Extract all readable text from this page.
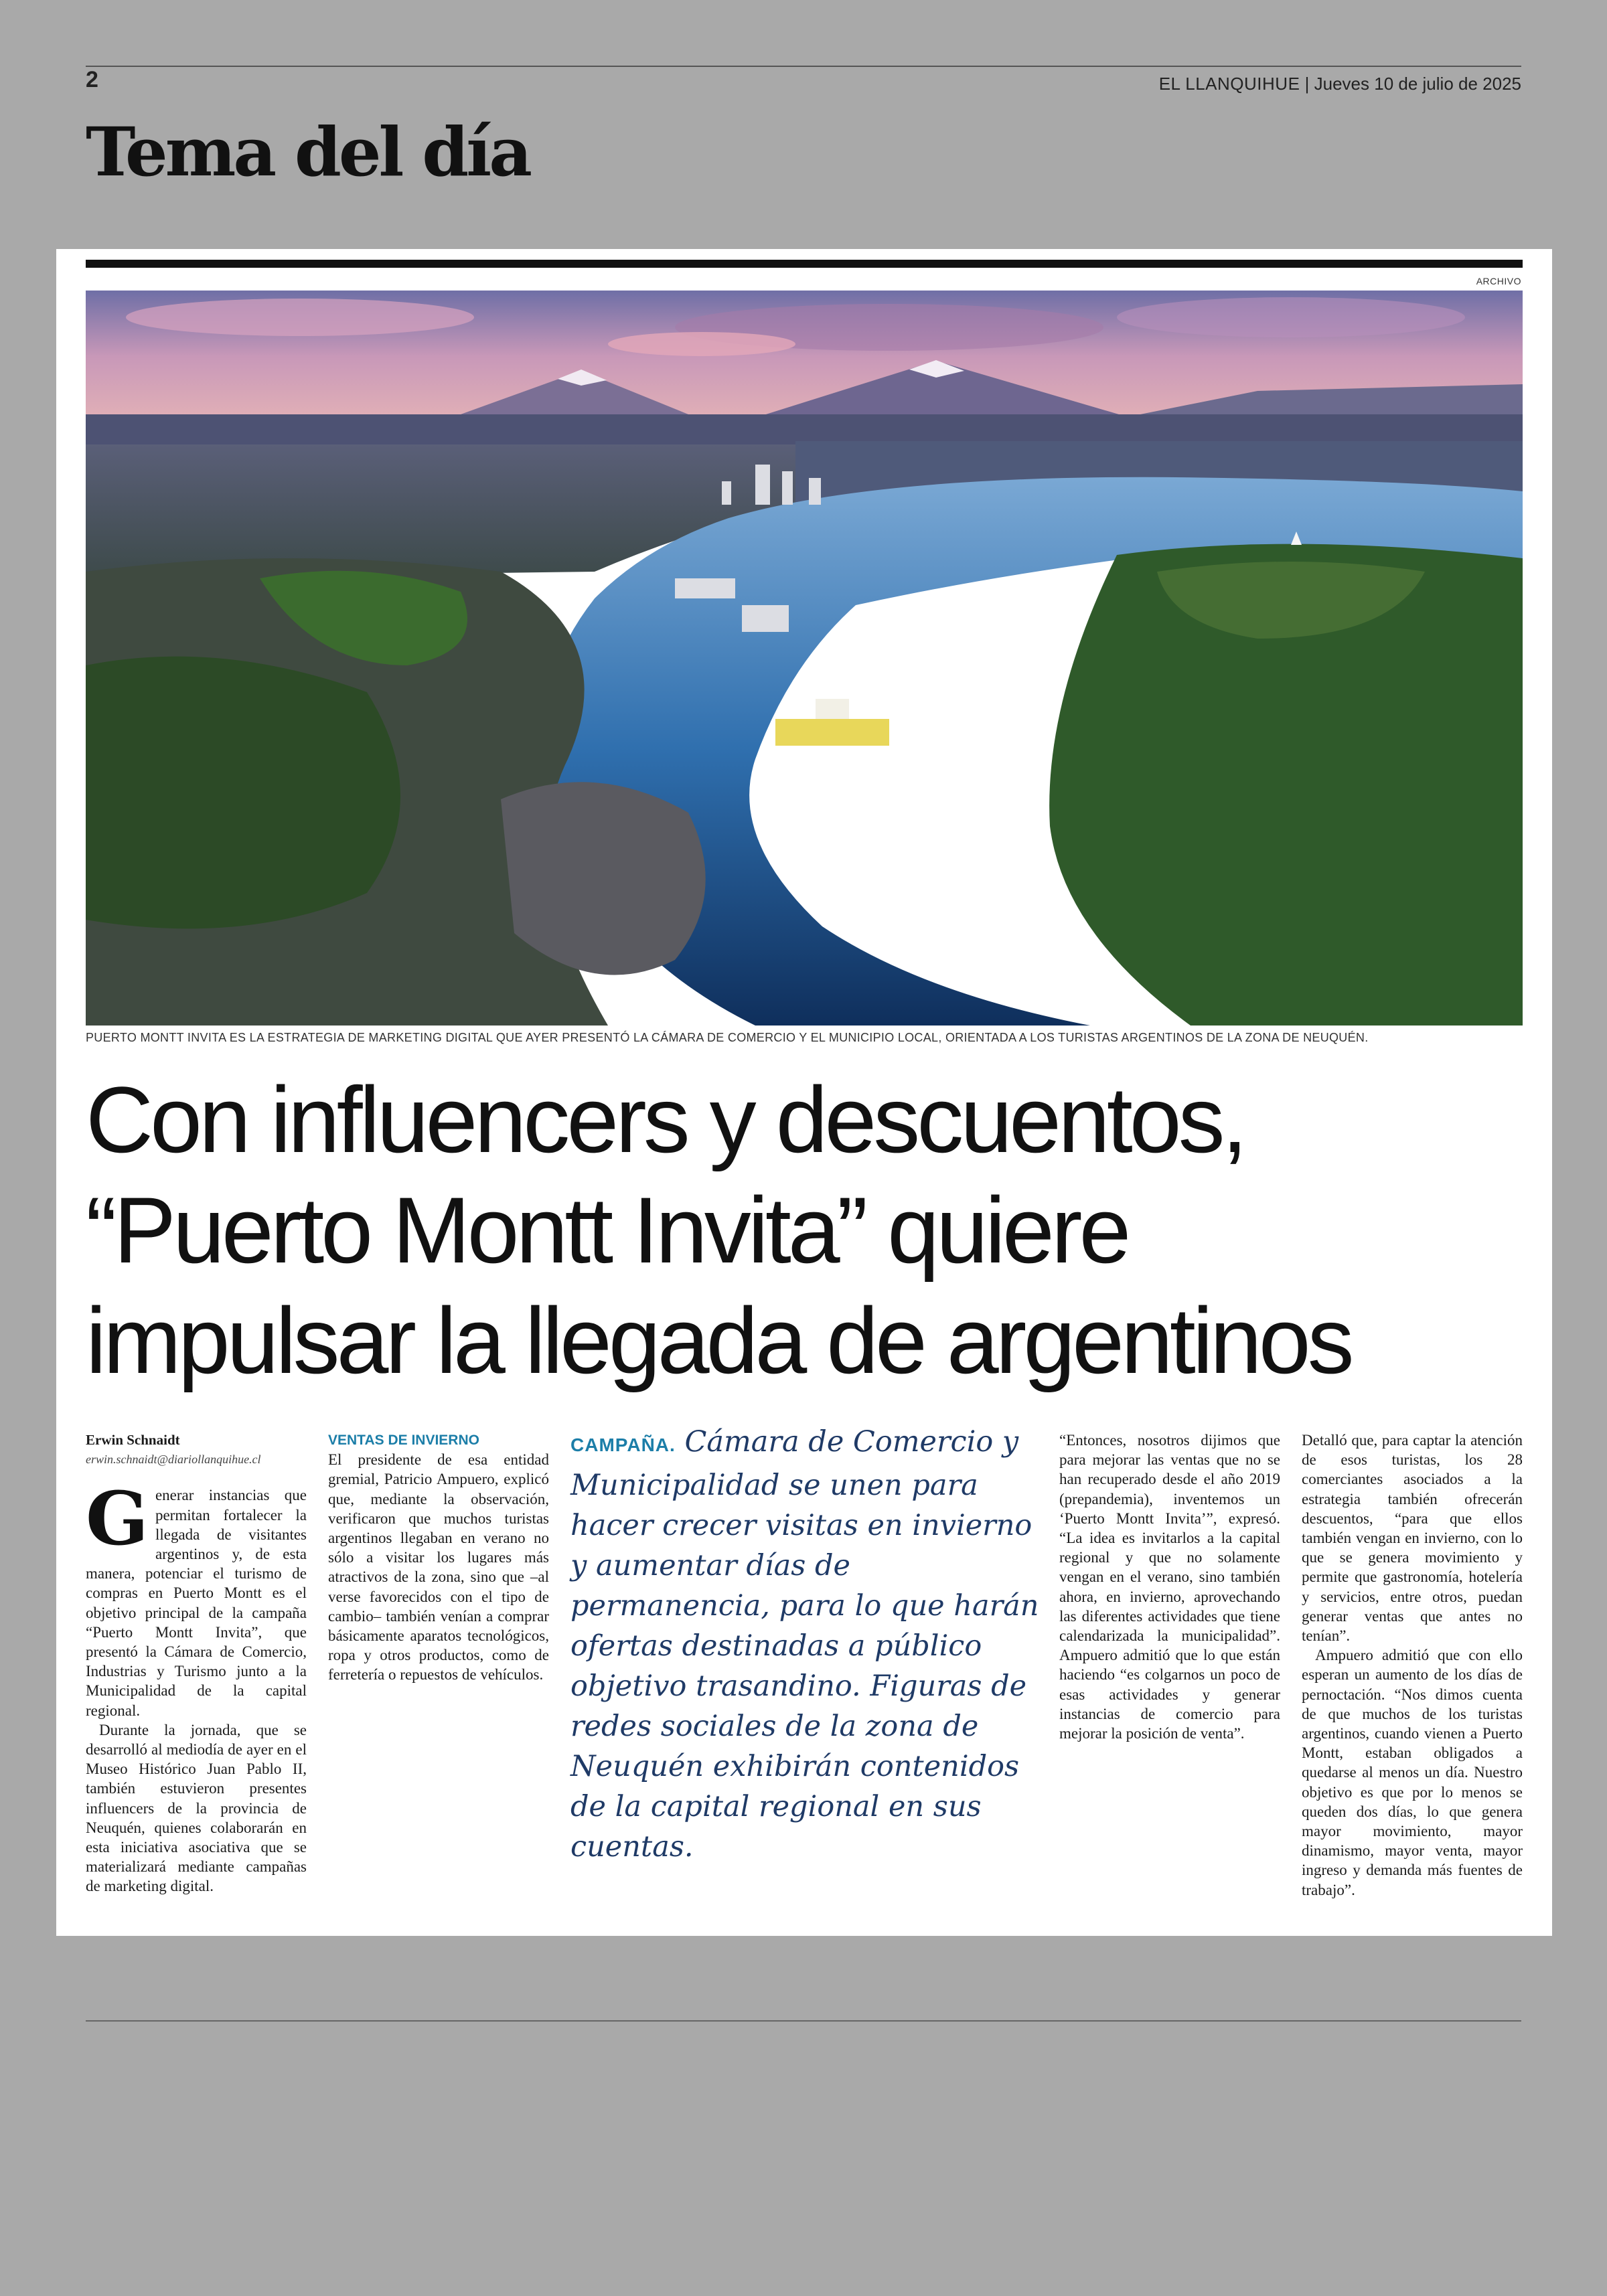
2	EL LLANQUIHUE | Jueves 10 de julio de 2025
Tema del día
ARCHIVO
PUERTO MONTT INVITA ES LA ESTRATEGIA DE MARKETING DIGITAL QUE AYER PRESENTÓ LA CÁMARA DE COMERCIO Y EL MUNICIPIO LOCAL, ORIENTADA A LOS TURISTAS ARGENTINOS DE LA ZONA DE NEUQUÉN.
Con influencers y descuentos,
“Puerto Montt Invita” quiere
impulsar la llegada de argentinos
Erwin Schnaidt
erwin.schnaidt@diariollanquihue.cl

Generar instancias que permitan fortalecer la llegada de visitantes argentinos y, de esta manera, potenciar el turismo de compras en Puerto Montt es el objetivo principal de la campaña “Puerto Montt Invita”, que presentó la Cámara de Comercio, Industrias y Turismo junto a la Municipalidad de la capital regional.

Durante la jornada, que se desarrolló al mediodía de ayer en el Museo Histórico Juan Pablo II, también estuvieron presentes influencers de la provincia de Neuquén, quienes colaborarán en esta iniciativa asociativa que se materializará mediante campañas de marketing digital.

VENTAS DE INVIERNO

El presidente de esa entidad gremial, Patricio Ampuero, explicó que, mediante la observación, verificaron que muchos turistas argentinos llegaban en verano no sólo a visitar los lugares más atractivos de la zona, sino que –al verse favorecidos con el tipo de cambio– también venían a comprar básicamente aparatos tecnológicos, ropa y otros productos, como de ferretería o repuestos de vehículos.

CAMPAÑA. Cámara de Comercio y Municipalidad se unen para hacer crecer visitas en invierno y aumentar días de permanencia, para lo que harán ofertas destinadas a público objetivo trasandino. Figuras de redes sociales de la zona de Neuquén exhibirán contenidos de la capital regional en sus cuentas.

“Entonces, nosotros dijimos que para mejorar las ventas que no se han recuperado desde el año 2019 (prepandemia), inventemos un ‘Puerto Montt Invita’”, expresó. “La idea es invitarlos a la capital regional y que no solamente vengan en el verano, sino también ahora, en invierno, aprovechando las diferentes actividades que tiene calendarizada la municipalidad”. Ampuero admitió que lo que están haciendo “es colgarnos un poco de esas actividades y generar instancias de comercio para mejorar la posición de venta”.

Detalló que, para captar la atención de esos turistas, los 28 comerciantes asociados a la estrategia también ofrecerán descuentos, “para que ellos también vengan en invierno, con lo que se genera movimiento y permite que gastronomía, hotelería y servicios, entre otros, puedan generar ventas que antes no tenían”.

Ampuero admitió que con ello esperan un aumento de los días de pernoctación. “Nos dimos cuenta de que muchos de los turistas argentinos, cuando vienen a Puerto Montt, estaban obligados a quedarse al menos un día. Nuestro objetivo es que por lo menos se queden dos días, lo que genera mayor movimiento, mayor dinamismo, mayor venta, mayor ingreso y demanda más fuentes de trabajo”.
